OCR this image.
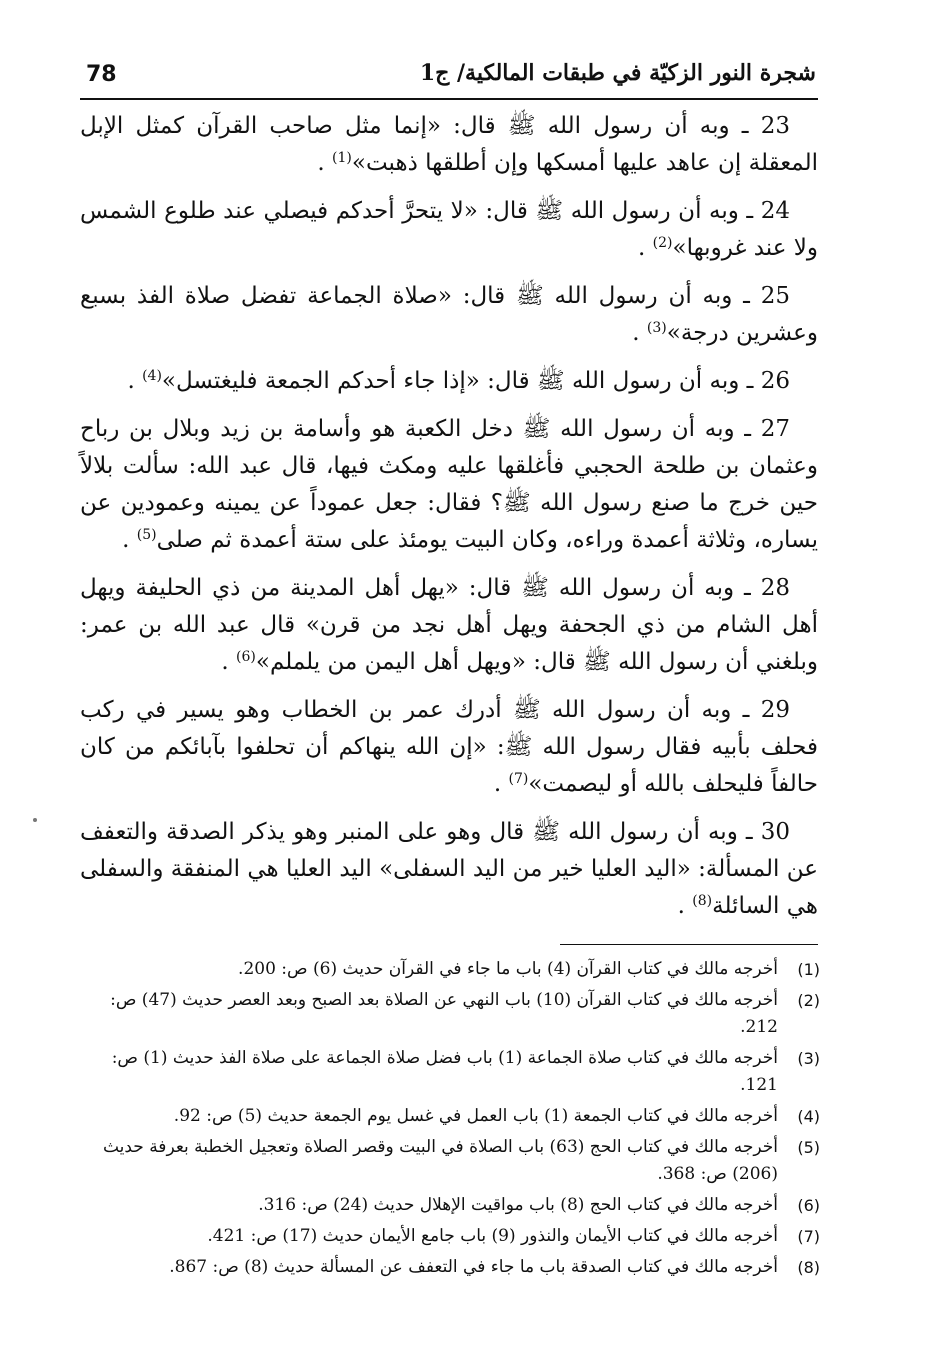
78	شجرة النور الزكيّة في طبقات المالكية/ ج1

23 ـ وبه أن رسول الله ﷺ قال: «إنما مثل صاحب القرآن كمثل الإبل المعقلة إن عاهد عليها أمسكها وإن أطلقها ذهبت»$^{(1)}$ .

24 ـ وبه أن رسول الله ﷺ قال: «لا يتحرَّ أحدكم فيصلي عند طلوع الشمس ولا عند غروبها»$^{(2)}$ .

25 ـ وبه أن رسول الله ﷺ قال: «صلاة الجماعة تفضل صلاة الفذ بسبع وعشرين درجة»$^{(3)}$ .

26 ـ وبه أن رسول الله ﷺ قال: «إذا جاء أحدكم الجمعة فليغتسل»$^{(4)}$ .

27 ـ وبه أن رسول الله ﷺ دخل الكعبة هو وأسامة بن زيد وبلال بن رباح وعثمان بن طلحة الحجبي فأغلقها عليه ومكث فيها، قال عبد الله: سألت بلالاً حين خرج ما صنع رسول الله ﷺ؟ فقال: جعل عموداً عن يمينه وعمودين عن يساره، وثلاثة أعمدة وراءه، وكان البيت يومئذ على ستة أعمدة ثم صلى$^{(5)}$ .

28 ـ وبه أن رسول الله ﷺ قال: «يهل أهل المدينة من ذي الحليفة ويهل أهل الشام من ذي الجحفة ويهل أهل نجد من قرن» قال عبد الله بن عمر: وبلغني أن رسول الله ﷺ قال: «ويهل أهل اليمن من يلملم»$^{(6)}$ .

29 ـ وبه أن رسول الله ﷺ أدرك عمر بن الخطاب وهو يسير في ركب فحلف بأبيه فقال رسول الله ﷺ: «إن الله ينهاكم أن تحلفوا بآبائكم من كان حالفاً فليحلف بالله أو ليصمت»$^{(7)}$ .

30 ـ وبه أن رسول الله ﷺ قال وهو على المنبر وهو يذكر الصدقة والتعفف عن المسألة: «اليد العليا خير من اليد السفلى» اليد العليا هي المنفقة والسفلى هي السائلة$^{(8)}$ .

(1)
أخرجه مالك في كتاب القرآن (4) باب ما جاء في القرآن حديث (6) ص: 200.
(2)
أخرجه مالك في كتاب القرآن (10) باب النهي عن الصلاة بعد الصبح وبعد العصر حديث (47) ص: 212.
(3)
أخرجه مالك في كتاب صلاة الجماعة (1) باب فضل صلاة الجماعة على صلاة الفذ حديث (1) ص: 121.
(4)
أخرجه مالك في كتاب الجمعة (1) باب العمل في غسل يوم الجمعة حديث (5) ص: 92.
(5)
أخرجه مالك في كتاب الحج (63) باب الصلاة في البيت وقصر الصلاة وتعجيل الخطبة بعرفة حديث (206) ص: 368.
(6)
أخرجه مالك في كتاب الحج (8) باب مواقيت الإهلال حديث (24) ص: 316.
(7)
أخرجه مالك في كتاب الأيمان والنذور (9) باب جامع الأيمان حديث (17) ص: 421.
(8)
أخرجه مالك في كتاب الصدقة باب ما جاء في التعفف عن المسألة حديث (8) ص: 867.
